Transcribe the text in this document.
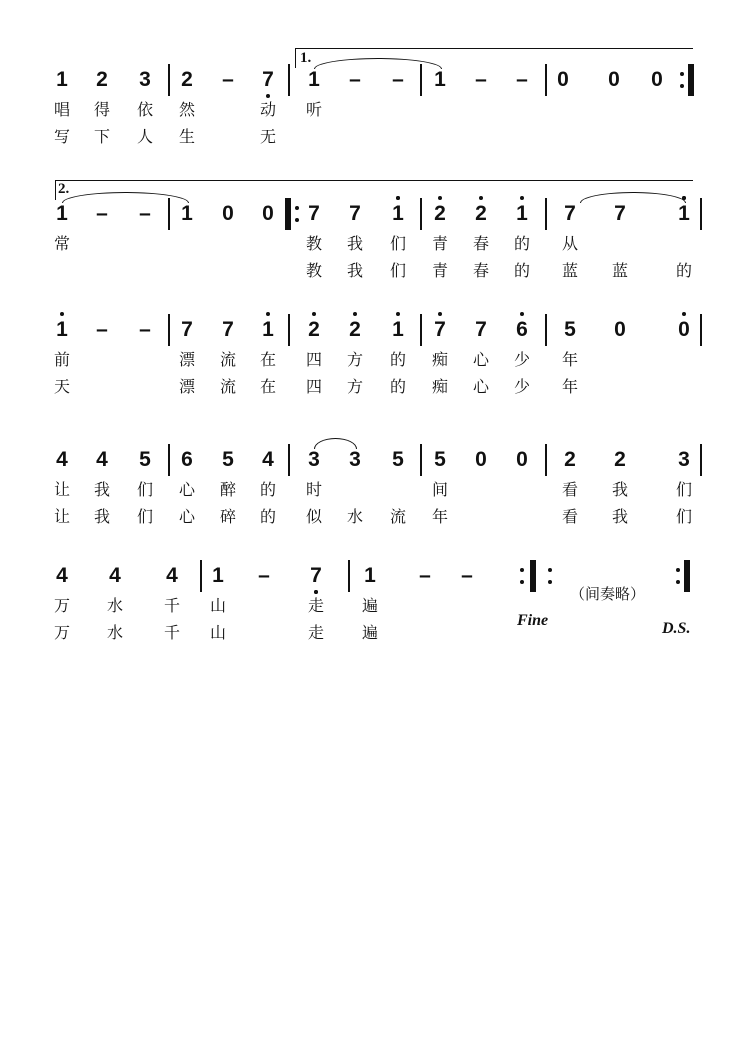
1.
2.
Fine	D.S.
（间奏略）
1
唱
写
2
得
下
3
依
人
2
然
生
– 7
动
无
1
听
– – 1 – – 0 0 0
1
常
– – 1 0 0 7
教
教
7
我
我
1
们
们
2
青
青
2
春
春
1
的
的
7
从
蓝
7
蓝
1
的
1
前
天
– – 7
漂
漂
7
流
流
1
在
在
2
四
四
2
方
方
1
的
的
7
痴
痴
7
心
心
6
少
少
5
年
年
0 0
4
让
让
4
我
我
5
们
们
6
心
心
5
醉
碎
4
的
的
3
时
似
3
水
5
流
5
间
年
0 0 2
看
看
2
我
我
3
们
们
4
万
万
4
水
水
4
千
千
1
山
山
– 7
走
走
1
遍
遍
– –
